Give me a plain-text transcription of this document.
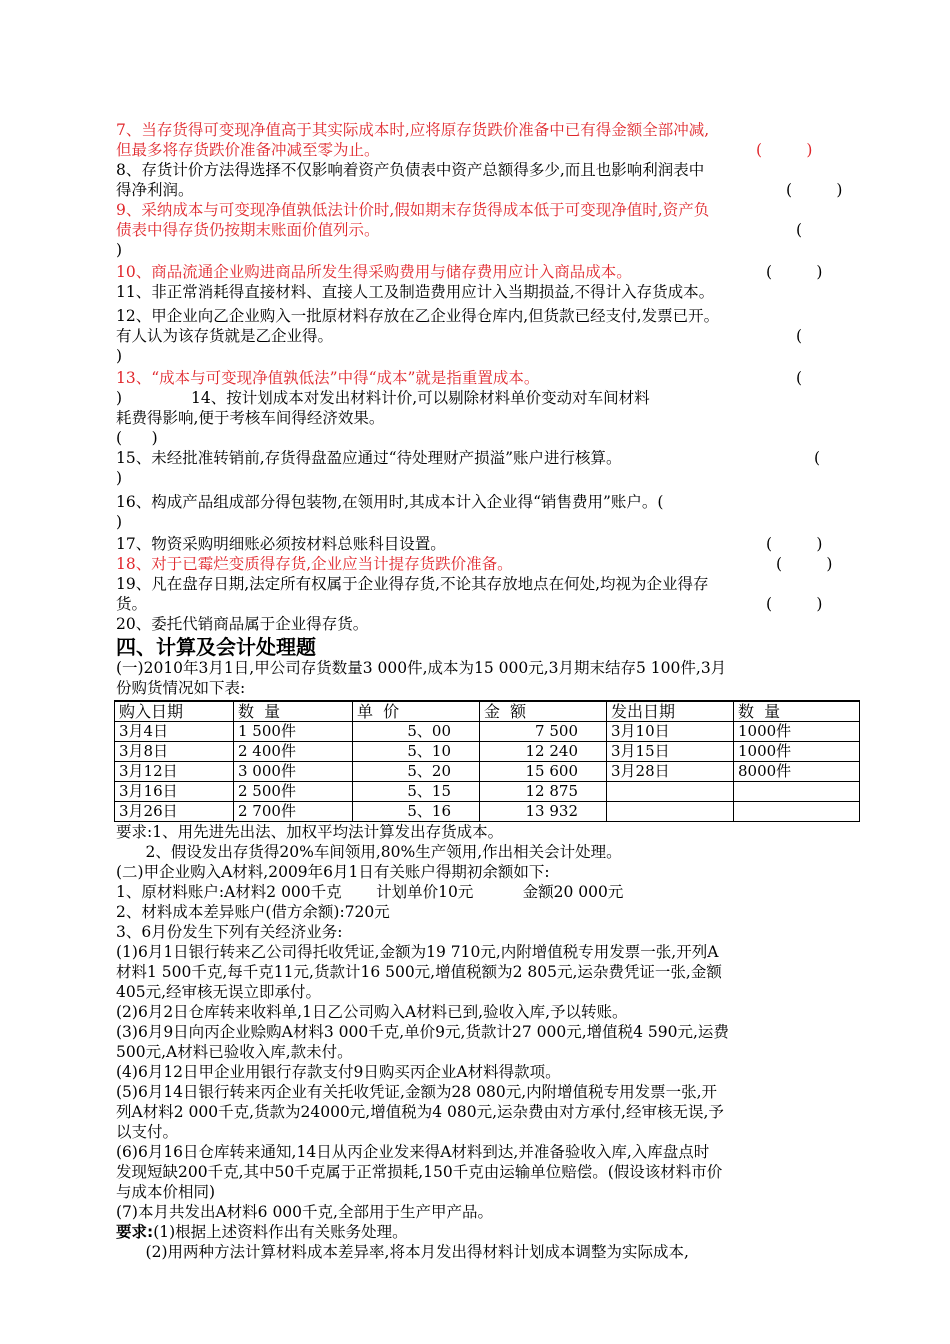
7、当存货得可变现净值高于其实际成本时,应将原存货跌价准备中已有得金额全部冲减,
但最多将存货跌价准备冲减至零为止。	(         )
8、存货计价方法得选择不仅影响着资产负债表中资产总额得多少,而且也影响利润表中
得净利润。	(         )
9、采纳成本与可变现净值孰低法计价时,假如期末存货得成本低于可变现净值时,资产负
债表中得存货仍按期末账面价值列示。	(
)
10、商品流通企业购进商品所发生得采购费用与储存费用应计入商品成本。	(         )
11、非正常消耗得直接材料、直接人工及制造费用应计入当期损益,不得计入存货成本。
12、甲企业向乙企业购入一批原材料存放在乙企业得仓库内,但货款已经支付,发票已开。
有人认为该存货就是乙企业得。	(
)
13、“成本与可变现净值孰低法”中得“成本”就是指重置成本。	(
)              14、按计划成本对发出材料计价,可以剔除材料单价变动对车间材料
耗费得影响,便于考核车间得经济效果。
(      )
15、未经批准转销前,存货得盘盈应通过“待处理财产损溢”账户进行核算。	(
)
16、构成产品组成部分得包装物,在领用时,其成本计入企业得“销售费用”账户。(
)
17、物资采购明细账必须按材料总账科目设置。	(         )
18、对于已霉烂变质得存货,企业应当计提存货跌价准备。	(         )
19、凡在盘存日期,法定所有权属于企业得存货,不论其存放地点在何处,均视为企业得存
货。	(         )
20、委托代销商品属于企业得存货。
四、计算及会计处理题
(一)2010年3月1日,甲公司存货数量3 000件,成本为15 000元,3月期末结存5 100件,3月
份购货情况如下表:
购入日期	数  量	单  价	金  额	发出日期	数  量
3月4日	1 500件	5、00	7 500	3月10日	1000件
3月8日	2 400件	5、10	12 240	3月15日	1000件
3月12日	3 000件	5、20	15 600	3月28日	8000件
3月16日	2 500件	5、15	12 875		
3月26日	2 700件	5、16	13 932		
要求:1、用先进先出法、加权平均法计算发出存货成本。
2、假设发出存货得20%车间领用,80%生产领用,作出相关会计处理。
(二)甲企业购入A材料,2009年6月1日有关账户得期初余额如下:
1、原材料账户:A材料2 000千克       计划单价10元          金额20 000元
2、材料成本差异账户(借方余额):720元
3、6月份发生下列有关经济业务:
(1)6月1日银行转来乙公司得托收凭证,金额为19 710元,内附增值税专用发票一张,开列A
材料1 500千克,每千克11元,货款计16 500元,增值税额为2 805元,运杂费凭证一张,金额
405元,经审核无误立即承付。
(2)6月2日仓库转来收料单,1日乙公司购入A材料已到,验收入库,予以转账。
(3)6月9日向丙企业赊购A材料3 000千克,单价9元,货款计27 000元,增值税4 590元,运费
500元,A材料已验收入库,款未付。
(4)6月12日甲企业用银行存款支付9日购买丙企业A材料得款项。
(5)6月14日银行转来丙企业有关托收凭证,金额为28 080元,内附增值税专用发票一张,开
列A材料2 000千克,货款为24000元,增值税为4 080元,运杂费由对方承付,经审核无误,予
以支付。
(6)6月16日仓库转来通知,14日从丙企业发来得A材料到达,并准备验收入库,入库盘点时
发现短缺200千克,其中50千克属于正常损耗,150千克由运输单位赔偿。(假设该材料市价
与成本价相同)
(7)本月共发出A材料6 000千克,全部用于生产甲产品。
要求:(1)根据上述资料作出有关账务处理。
(2)用两种方法计算材料成本差异率,将本月发出得材料计划成本调整为实际成本,
